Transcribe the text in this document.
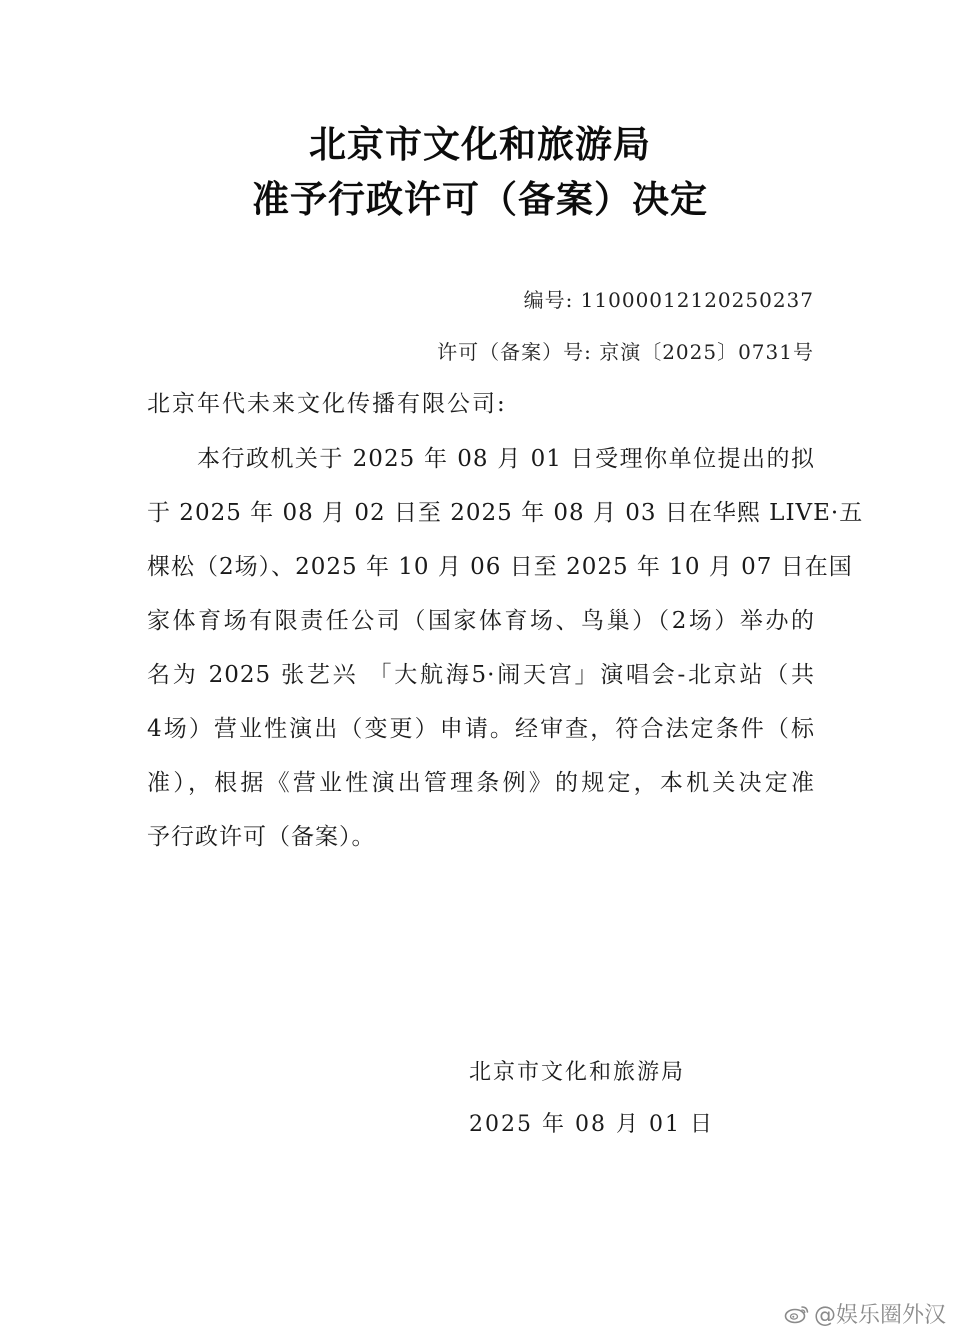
北京市文化和旅游局
准予行政许可（备案）决定
编号: 11000012120250237
许可（备案）号: 京演〔2025〕0731号
北京年代未来文化传播有限公司:
本行政机关于 2025 年 08 月 01 日受理你单位提出的拟
于 2025 年 08 月 02 日至 2025 年 08 月 03 日在华熙 LIVE·五
棵松（2场）、2025 年 10 月 06 日至 2025 年 10 月 07 日在国
家体育场有限责任公司（国家体育场、鸟巢）（2场）举办的
名为 2025 张艺兴 「大航海5·闹天宫」演唱会-北京站（共
4场）营业性演出（变更）申请。经审查，符合法定条件（标
准），根据《营业性演出管理条例》的规定，本机关决定准
予行政许可（备案）。
北京市文化和旅游局
2025 年 08 月 01 日
@娱乐圈外汉
